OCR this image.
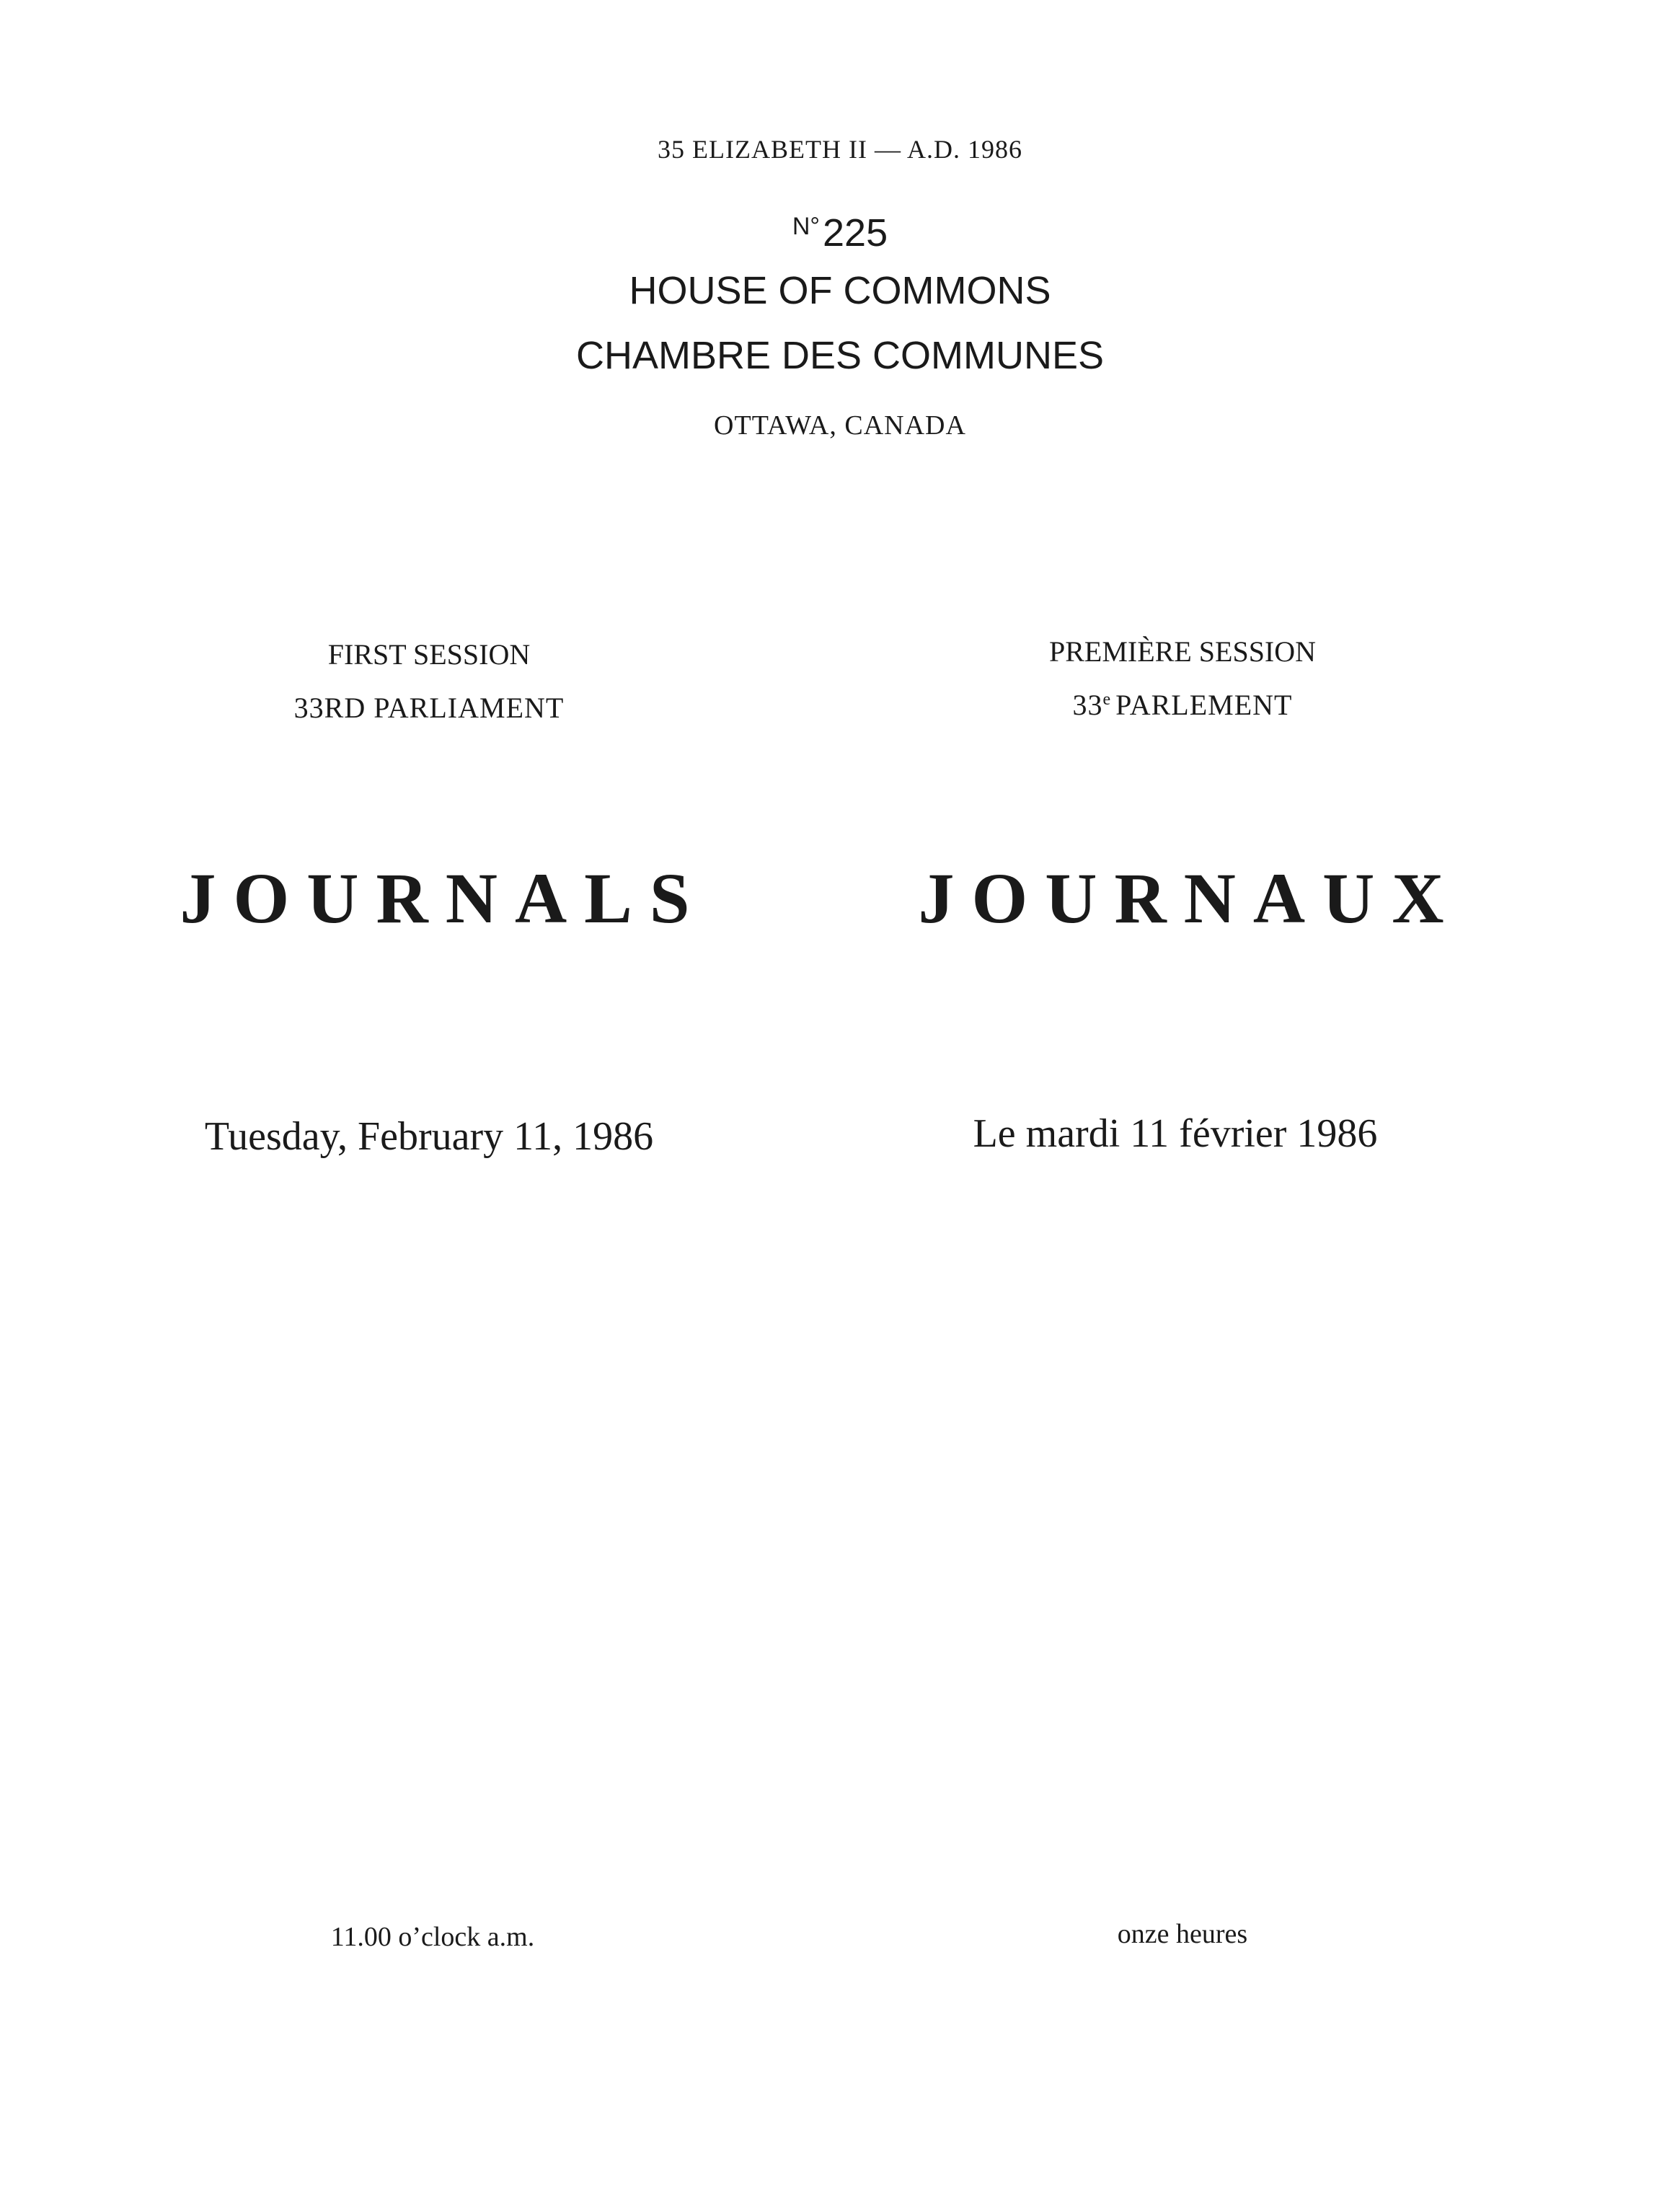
35 ELIZABETH II — A.D. 1986
$^{N^\circ}$225
HOUSE OF COMMONS
CHAMBRE DES COMMUNES
OTTAWA, CANADA
FIRST SESSION
33RD PARLIAMENT
PREMIÈRE SESSION
33e PARLEMENT
JOURNALS	JOURNAUX
Tuesday, February 11, 1986	Le mardi 11 février 1986
11.00 o’clock a.m.	onze heures
